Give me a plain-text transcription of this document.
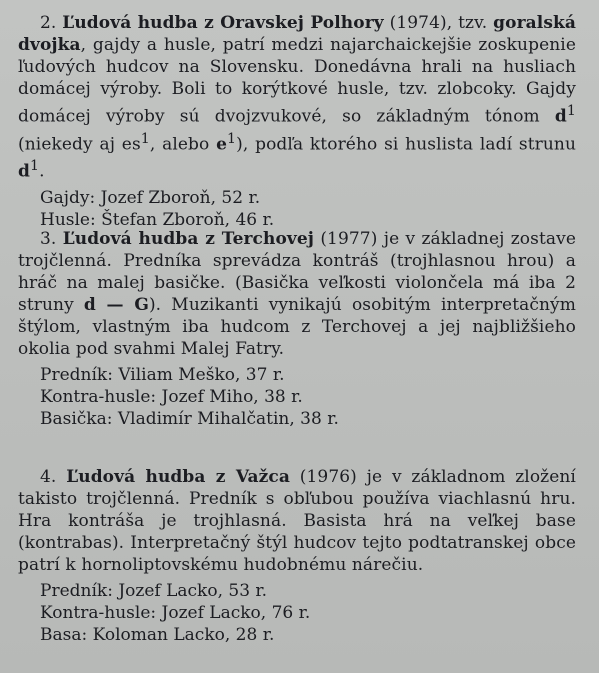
2. Ľudová hudba z Oravskej Polhory (1974), tzv. goralská dvojka, gajdy a husle, patrí medzi najarchaickejšie zoskupenie ľudových hudcov na Slovensku. Donedávna hrali na husliach domácej výroby. Boli to korýtkové husle, tzv. zlobcoky. Gajdy domácej výroby sú dvojzvukové, so základným tónom $d^1$ (niekedy aj $es^1$, alebo $e^1$), podľa ktorého si huslista ladí strunu $d^1$.

Gajdy: Jozef Zboroň, 52 r.
Husle: Štefan Zboroň, 46 r.

3. Ľudová hudba z Terchovej (1977) je v základnej zostave trojčlenná. Predníka sprevádza kontráš (trojhlasnou hrou) a hráč na malej basičke. (Basička veľkosti violončela má iba 2 struny d — G). Muzikanti vynikajú osobitým interpretačným štýlom, vlastným iba hudcom z Terchovej a jej najbližšieho okolia pod svahmi Malej Fatry.

Predník: Viliam Meško, 37 r.
Kontra-husle: Jozef Miho, 38 r.
Basička: Vladimír Mihalčatin, 38 r.

4. Ľudová hudba z Važca (1976) je v základnom zložení takisto trojčlenná. Predník s obľubou používa viachlasnú hru. Hra kontráša je trojhlasná. Basista hrá na veľkej base (kontrabas). Interpretačný štýl hudcov tejto podtatranskej obce patrí k hornoliptovskému hudobnému nárečiu.

Predník: Jozef Lacko, 53 r.
Kontra-husle: Jozef Lacko, 76 r.
Basa: Koloman Lacko, 28 r.
